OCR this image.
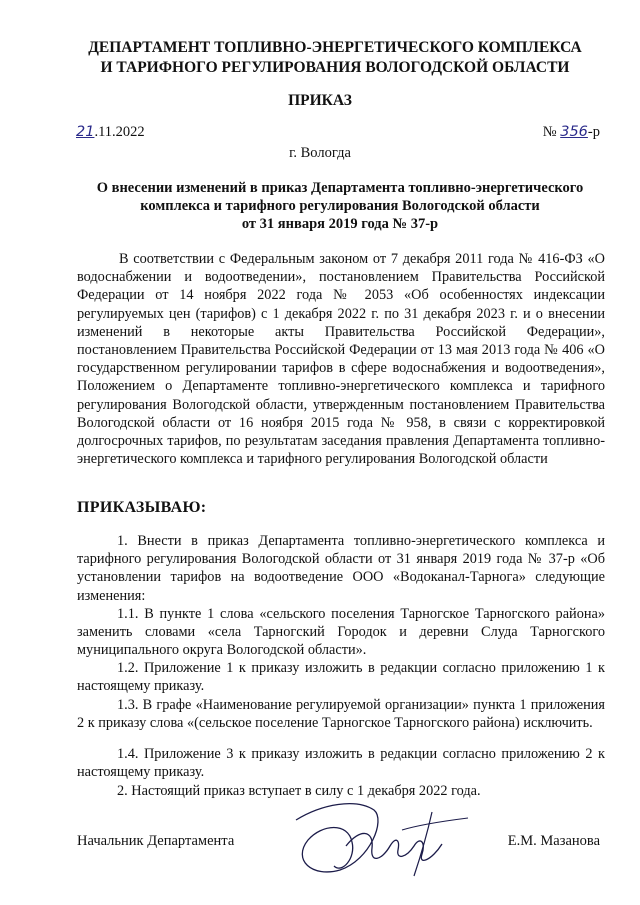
ДЕПАРТАМЕНТ ТОПЛИВНО-ЭНЕРГЕТИЧЕСКОГО КОМПЛЕКСА
И ТАРИФНОГО РЕГУЛИРОВАНИЯ ВОЛОГОДСКОЙ ОБЛАСТИ
ПРИКАЗ
21.11.2022	№ 356-р
г. Вологда
О внесении изменений в приказ Департамента топливно-энергетического
комплекса и тарифного регулирования Вологодской области
от 31 января 2019 года № 37-р

В соответствии с Федеральным законом от 7 декабря 2011 года № 416-ФЗ «О водоснабжении и водоотведении», постановлением Правительства Российской Федерации от 14 ноября 2022 года № 2053 «Об особенностях индексации регулируемых цен (тарифов) с 1 декабря 2022 г. по 31 декабря 2023 г. и о внесении изменений в некоторые акты Правительства Российской Федерации», постановлением Правительства Российской Федерации от 13 мая 2013 года № 406 «О государственном регулировании тарифов в сфере водоснабжения и водоотведения», Положением о Департаменте топливно-энергетического комплекса и тарифного регулирования Вологодской области, утвержденным постановлением Правительства Вологодской области от 16 ноября 2015 года № 958, в связи с корректировкой долгосрочных тарифов, по результатам заседания правления Департамента топливно-энергетического комплекса и тарифного регулирования Вологодской области

ПРИКАЗЫВАЮ:

1. Внести в приказ Департамента топливно-энергетического комплекса и тарифного регулирования Вологодской области от 31 января 2019 года № 37-р «Об установлении тарифов на водоотведение ООО «Водоканал-Тарнога» следующие изменения:

1.1. В пункте 1 слова «сельского поселения Тарногское Тарногского района» заменить словами «села Тарногский Городок и деревни Слуда Тарногского муниципального округа Вологодской области».

1.2. Приложение 1 к приказу изложить в редакции согласно приложению 1 к настоящему приказу.

1.3. В графе «Наименование регулируемой организации» пункта 1 приложения 2 к приказу слова «(сельское поселение Тарногское Тарногского района) исключить.

1.4. Приложение 3 к приказу изложить в редакции согласно приложению 2 к настоящему приказу.

2. Настоящий приказ вступает в силу с 1 декабря 2022 года.

Начальник Департамента	Е.М. Мазанова
